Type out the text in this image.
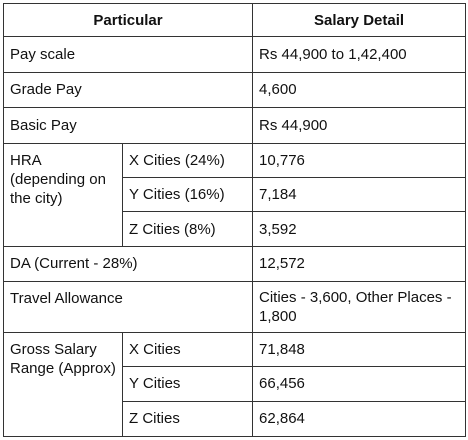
Particular		Salary Detail
Pay scale		Rs 44,900 to 1,42,400
Grade Pay		4,600
Basic Pay		Rs 44,900
HRA (depending on the city)	X Cities (24%)	10,776
	Y Cities (16%)	7,184
	Z Cities (8%)	3,592
DA (Current - 28%)		12,572
Travel Allowance		Cities - 3,600, Other Places - 1,800
Gross Salary Range (Approx)	X Cities	71,848
	Y Cities	66,456
	Z Cities	62,864
